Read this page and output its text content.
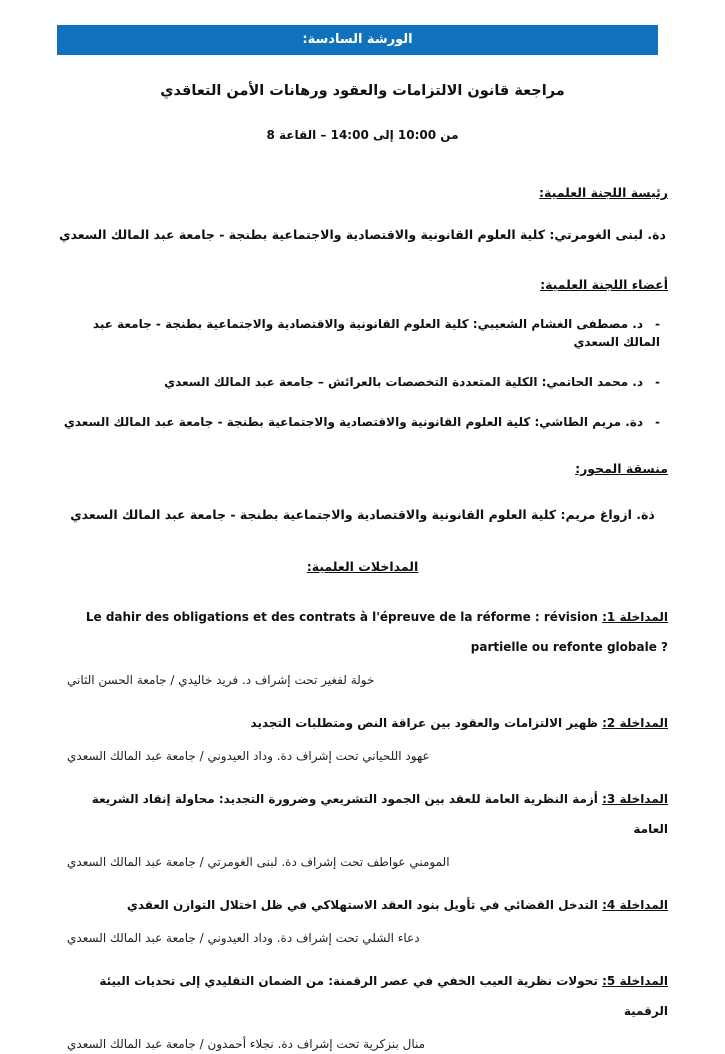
الورشة السادسة:
مراجعة قانون الالتزامات والعقود ورهانات الأمن التعاقدي
من 10:00 إلى 14:00 – القاعة 8
رئيسة اللجنة العلمية:
دة. لبنى الغومرتي: كلية العلوم القانونية والاقتصادية والاجتماعية بطنجة - جامعة عبد المالك السعدي
أعضاء اللجنة العلمية:
- د. مصطفى الغشام الشعيبي: كلية العلوم القانونية والاقتصادية والاجتماعية بطنجة - جامعة عبد المالك السعدي
- د. محمد الحاتمي: الكلية المتعددة التخصصات بالعرائش – جامعة عبد المالك السعدي
- دة. مريم الطاشي: كلية العلوم القانونية والاقتصادية والاجتماعية بطنجة - جامعة عبد المالك السعدي
منسقة المحور:
ذة. ازواغ مريم: كلية العلوم القانونية والاقتصادية والاجتماعية بطنجة - جامعة عبد المالك السعدي
المداخلات العلمية:
المداخلة 1: Le dahir des obligations et des contrats à l'épreuve de la réforme : révision partielle ou refonte globale ?
خولة لفغير تحت إشراف د. فريد خاليدي / جامعة الحسن الثاني
المداخلة 2: ظهير الالتزامات والعقود بين عراقة النص ومتطلبات التجديد
عهود اللحياني تحت إشراف دة. وداد العيدوني / جامعة عبد المالك السعدي
المداخلة 3: أزمة النظرية العامة للعقد بين الجمود التشريعي وضرورة التجديد: محاولة إنقاد الشريعة العامة
المومني عواطف تحت إشراف دة. لبنى الغومرتي / جامعة عبد المالك السعدي
المداخلة 4: التدخل القضائي في تأويل بنود العقد الاستهلاكي في ظل اختلال التوازن العقدي
دعاء الشلي تحت إشراف دة. وداد العيدوني / جامعة عبد المالك السعدي
المداخلة 5: تحولات نظرية العيب الخفي في عصر الرقمنة: من الضمان التقليدي إلى تحديات البيئة الرقمية
منال بنزكرية تحت إشراف دة. نجلاء أحمدون / جامعة عبد المالك السعدي
